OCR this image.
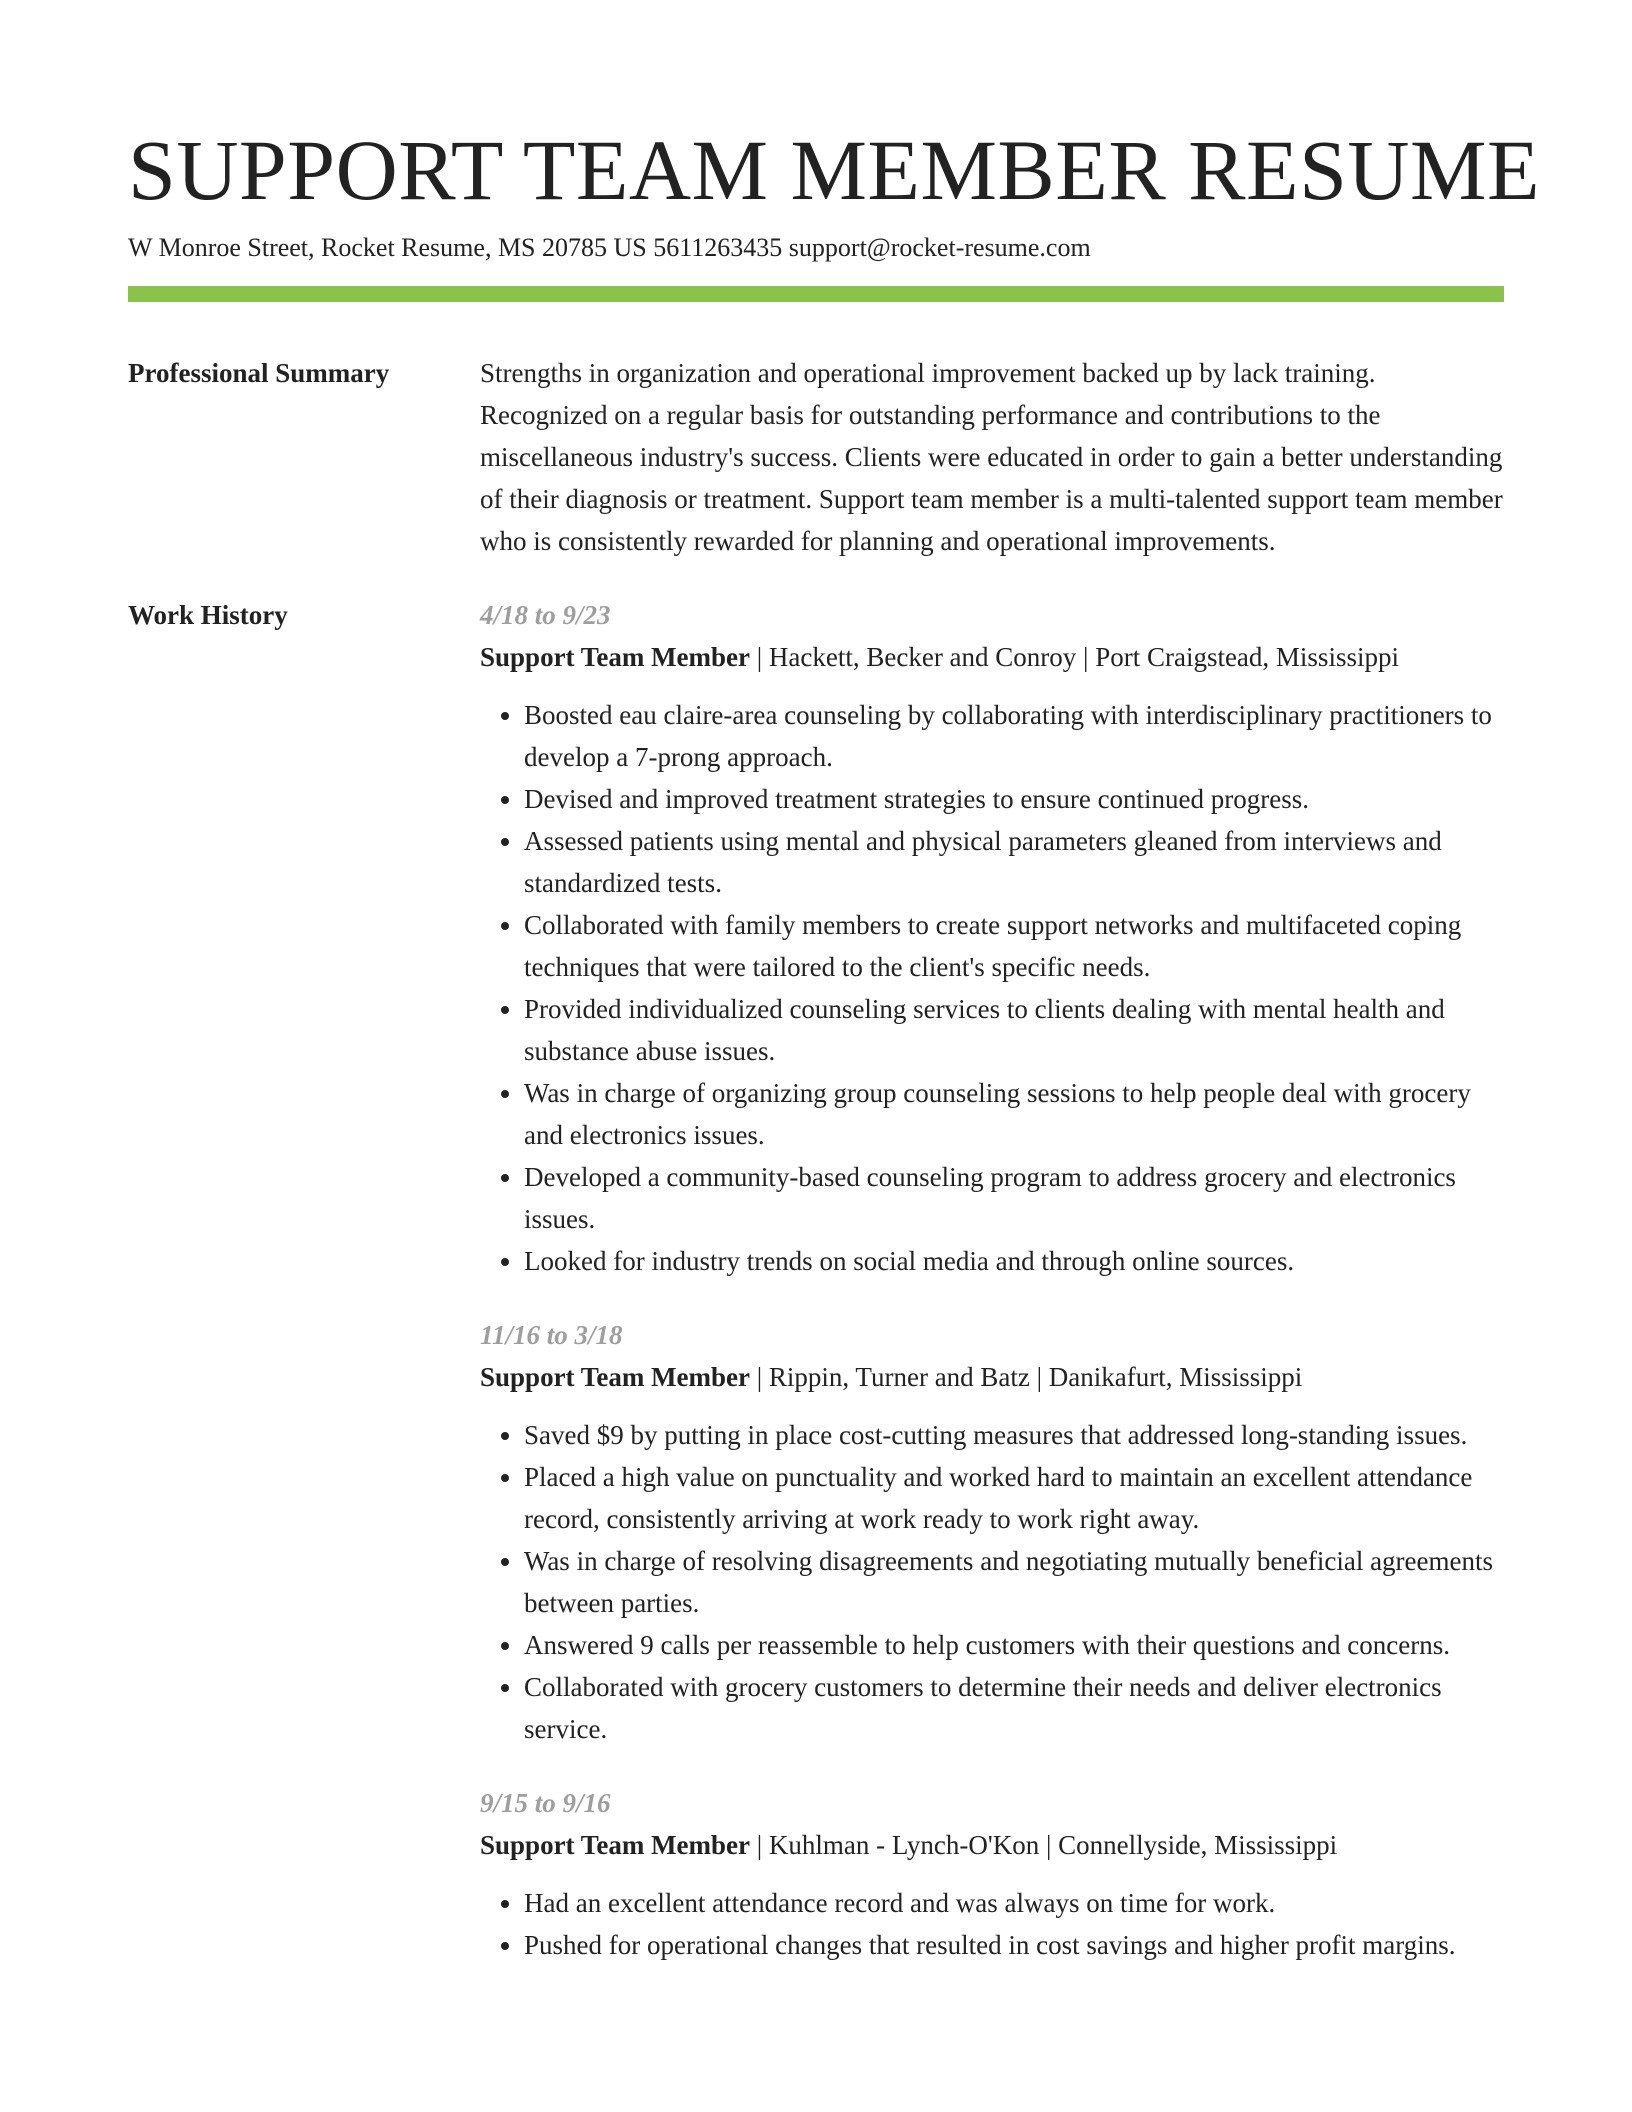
SUPPORT TEAM MEMBER RESUME
W Monroe Street, Rocket Resume, MS 20785 US 5611263435 support@rocket-resume.com
Professional Summary	Strengths in organization and operational improvement backed up by lack training. Recognized on a regular basis for outstanding performance and contributions to the miscellaneous industry's success. Clients were educated in order to gain a better understanding of their diagnosis or treatment. Support team member is a multi-talented support team member who is consistently rewarded for planning and operational improvements.
Work History	4/18 to 9/23
Support Team Member | Hackett, Becker and Conroy | Port Craigstead, Mississippi
• Boosted eau claire-area counseling by collaborating with interdisciplinary practitioners to develop a 7-prong approach.
• Devised and improved treatment strategies to ensure continued progress.
• Assessed patients using mental and physical parameters gleaned from interviews and standardized tests.
• Collaborated with family members to create support networks and multifaceted coping techniques that were tailored to the client's specific needs.
• Provided individualized counseling services to clients dealing with mental health and substance abuse issues.
• Was in charge of organizing group counseling sessions to help people deal with grocery and electronics issues.
• Developed a community-based counseling program to address grocery and electronics issues.
• Looked for industry trends on social media and through online sources.
11/16 to 3/18
Support Team Member | Rippin, Turner and Batz | Danikafurt, Mississippi
• Saved $9 by putting in place cost-cutting measures that addressed long-standing issues.
• Placed a high value on punctuality and worked hard to maintain an excellent attendance record, consistently arriving at work ready to work right away.
• Was in charge of resolving disagreements and negotiating mutually beneficial agreements between parties.
• Answered 9 calls per reassemble to help customers with their questions and concerns.
• Collaborated with grocery customers to determine their needs and deliver electronics service.
9/15 to 9/16
Support Team Member | Kuhlman - Lynch-O'Kon | Connellyside, Mississippi
• Had an excellent attendance record and was always on time for work.
• Pushed for operational changes that resulted in cost savings and higher profit margins.
